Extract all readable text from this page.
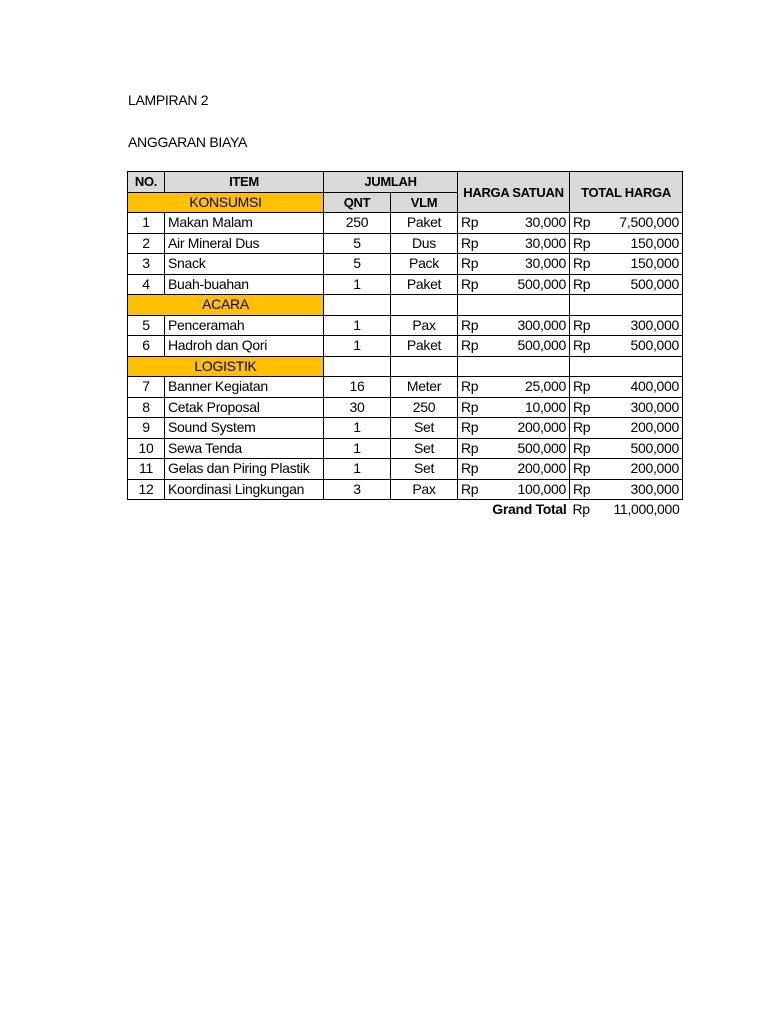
LAMPIRAN 2
ANGGARAN BIAYA
NO.	ITEM	JUMLAH		HARGA SATUAN		TOTAL HARGA	
KONSUMSI		QNT	VLM				
1	Makan Malam	250	Paket	Rp	30,000	Rp	7,500,000
2	Air Mineral Dus	5	Dus	Rp	30,000	Rp	150,000
3	Snack	5	Pack	Rp	30,000	Rp	150,000
4	Buah-buahan	1	Paket	Rp	500,000	Rp	500,000
ACARA							
5	Penceramah	1	Pax	Rp	300,000	Rp	300,000
6	Hadroh dan Qori	1	Paket	Rp	500,000	Rp	500,000
LOGISTIK							
7	Banner Kegiatan	16	Meter	Rp	25,000	Rp	400,000
8	Cetak Proposal	30	250	Rp	10,000	Rp	300,000
9	Sound System	1	Set	Rp	200,000	Rp	200,000
10	Sewa Tenda	1	Set	Rp	500,000	Rp	500,000
11	Gelas dan Piring Plastik	1	Set	Rp	200,000	Rp	200,000
12	Koordinasi Lingkungan	3	Pax	Rp	100,000	Rp	300,000
				Grand Total		Rp	11,000,000
